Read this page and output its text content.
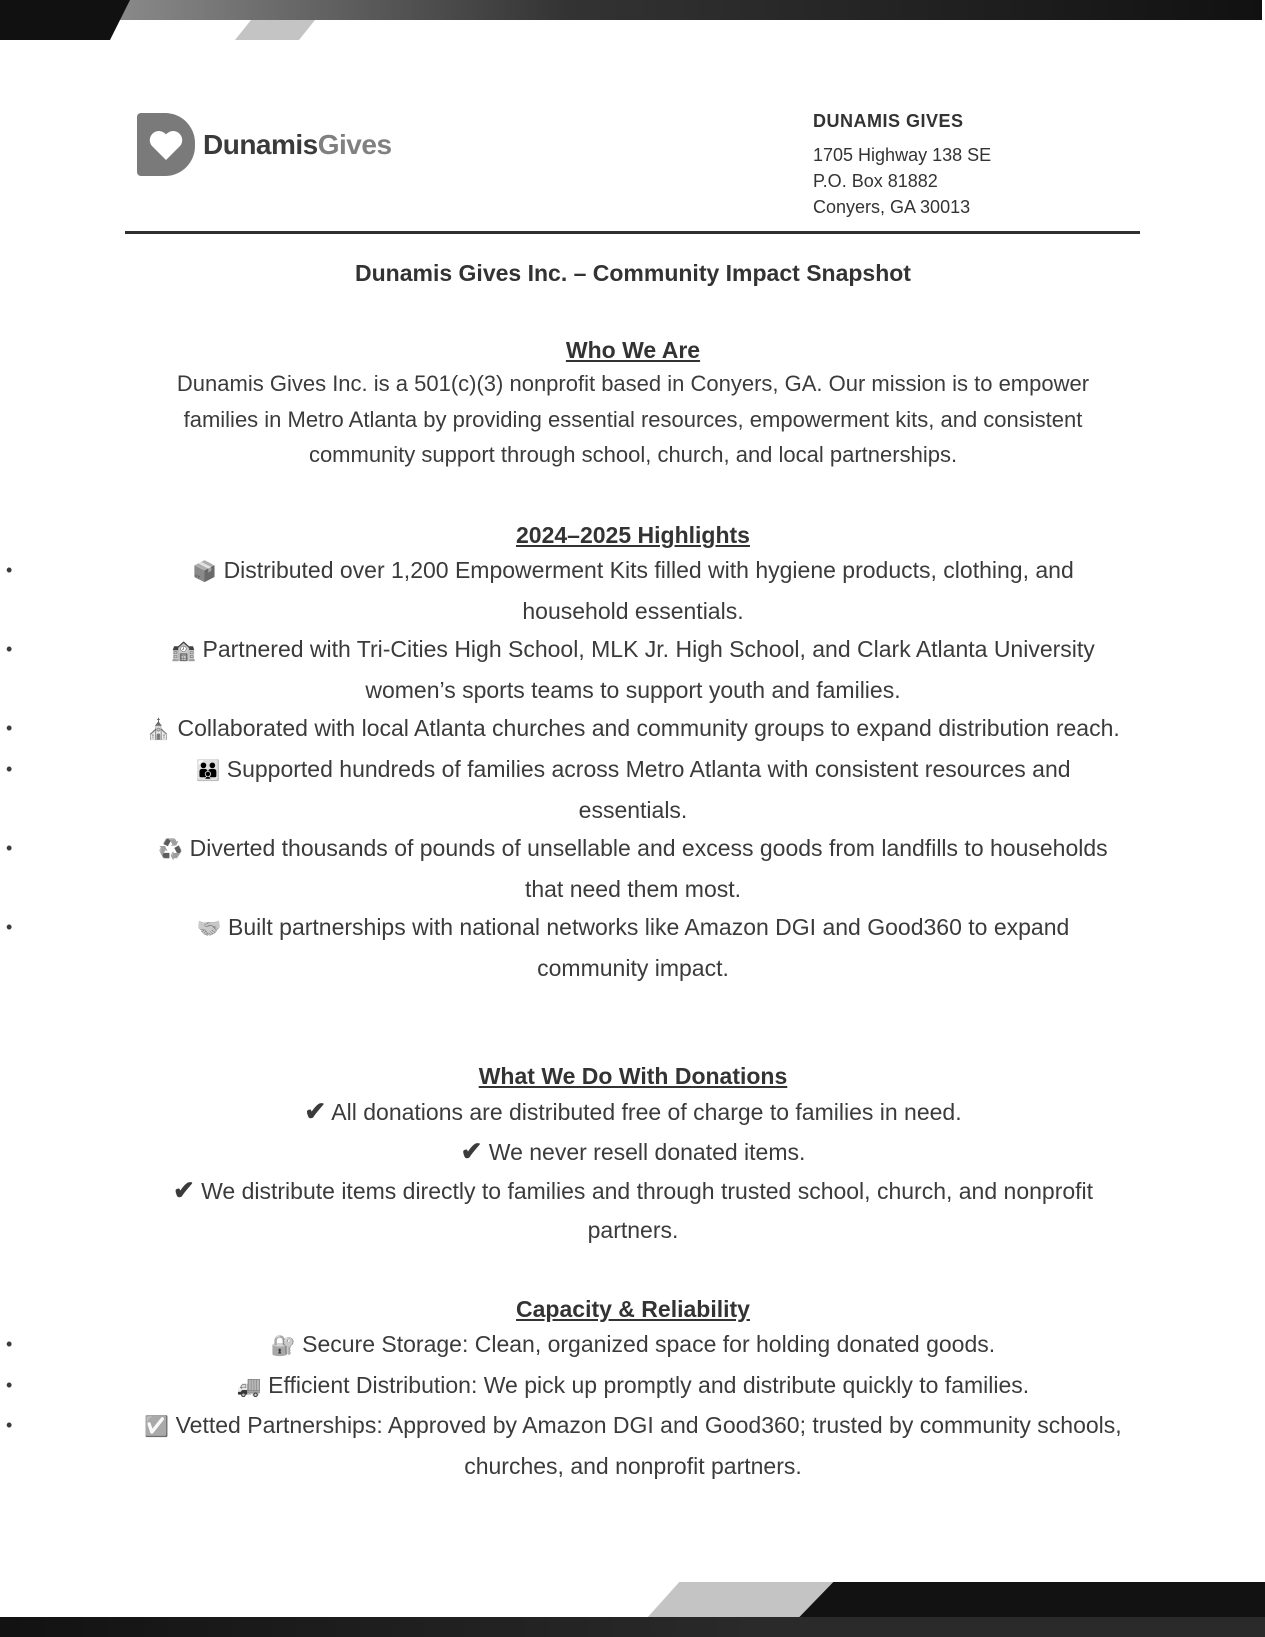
DunamisGives
DUNAMIS GIVES
1705 Highway 138 SE
P.O. Box 81882
Conyers, GA 30013
Dunamis Gives Inc. – Community Impact Snapshot
Who We Are
Dunamis Gives Inc. is a 501(c)(3) nonprofit based in Conyers, GA. Our mission is to empower families in Metro Atlanta by providing essential resources, empowerment kits, and consistent community support through school, church, and local partnerships.
2024–2025 Highlights
•	📦 Distributed over 1,200 Empowerment Kits filled with hygiene products, clothing, and household essentials.
•	🏫 Partnered with Tri-Cities High School, MLK Jr. High School, and Clark Atlanta University women’s sports teams to support youth and families.
•	⛪ Collaborated with local Atlanta churches and community groups to expand distribution reach.
•	👪 Supported hundreds of families across Metro Atlanta with consistent resources and essentials.
•	♻️ Diverted thousands of pounds of unsellable and excess goods from landfills to households that need them most.
•	🤝 Built partnerships with national networks like Amazon DGI and Good360 to expand community impact.
What We Do With Donations
✔ All donations are distributed free of charge to families in need.
✔ We never resell donated items.
✔ We distribute items directly to families and through trusted school, church, and nonprofit partners.
Capacity & Reliability
•	🔐 Secure Storage: Clean, organized space for holding donated goods.
•	🚚 Efficient Distribution: We pick up promptly and distribute quickly to families.
•	☑️ Vetted Partnerships: Approved by Amazon DGI and Good360; trusted by community schools, churches, and nonprofit partners.
